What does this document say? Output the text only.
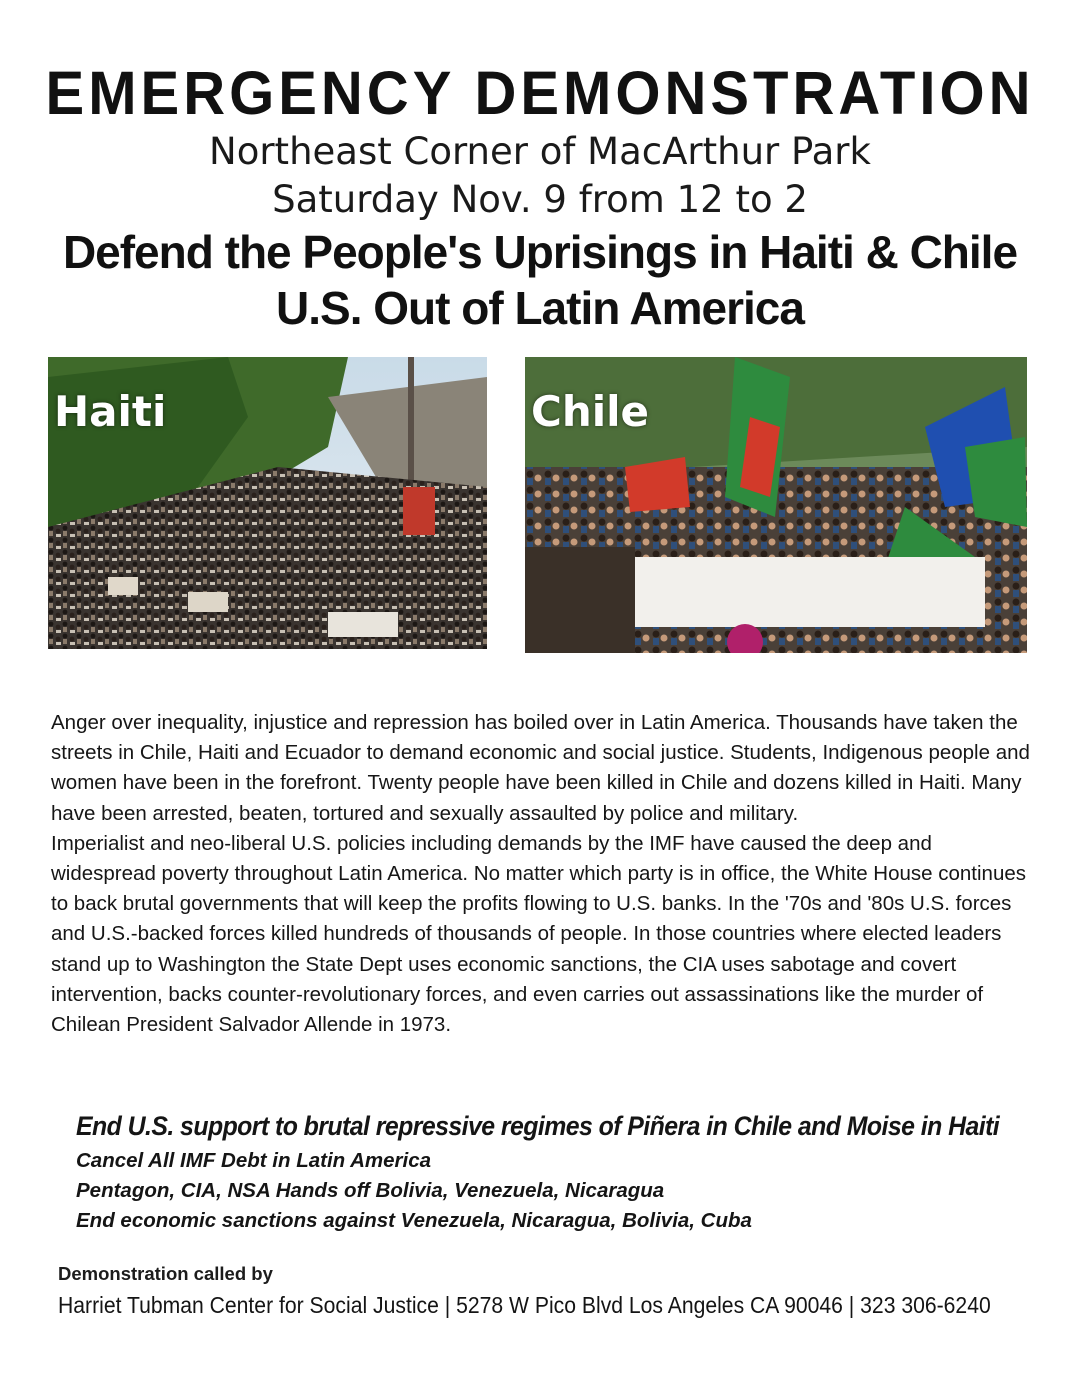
EMERGENCY DEMONSTRATION

Northeast Corner of MacArthur Park

Saturday Nov. 9 from 12 to 2

Defend the People's Uprisings in Haiti & Chile

U.S. Out of Latin America

Haiti	Chile

Anger over inequality, injustice and repression has boiled over in Latin America. Thousands have taken the streets in Chile, Haiti and Ecuador to demand economic and social justice. Students, Indigenous people and women have been in the forefront. Twenty people have been killed in Chile and dozens killed in Haiti. Many have been arrested, beaten, tortured and sexually assaulted by police and military.

Imperialist and neo-liberal U.S. policies including demands by the IMF have caused the deep and widespread poverty throughout Latin America. No matter which party is in office, the White House continues to back brutal governments that will keep the profits flowing to U.S. banks. In the '70s and '80s U.S. forces and U.S.-backed forces killed hundreds of thousands of people. In those countries where elected leaders stand up to Washington the State Dept uses economic sanctions, the CIA uses sabotage and covert intervention, backs counter-revolutionary forces, and even carries out assassinations like the murder of Chilean President Salvador Allende in 1973.

End U.S. support to brutal repressive regimes of Piñera in Chile and Moise in Haiti
Cancel All IMF Debt in Latin America
Pentagon, CIA, NSA Hands off Bolivia, Venezuela, Nicaragua
End economic sanctions against Venezuela, Nicaragua, Bolivia, Cuba
Demonstration called by
Harriet Tubman Center for Social Justice | 5278 W Pico Blvd Los Angeles CA 90046 | 323 306-6240
